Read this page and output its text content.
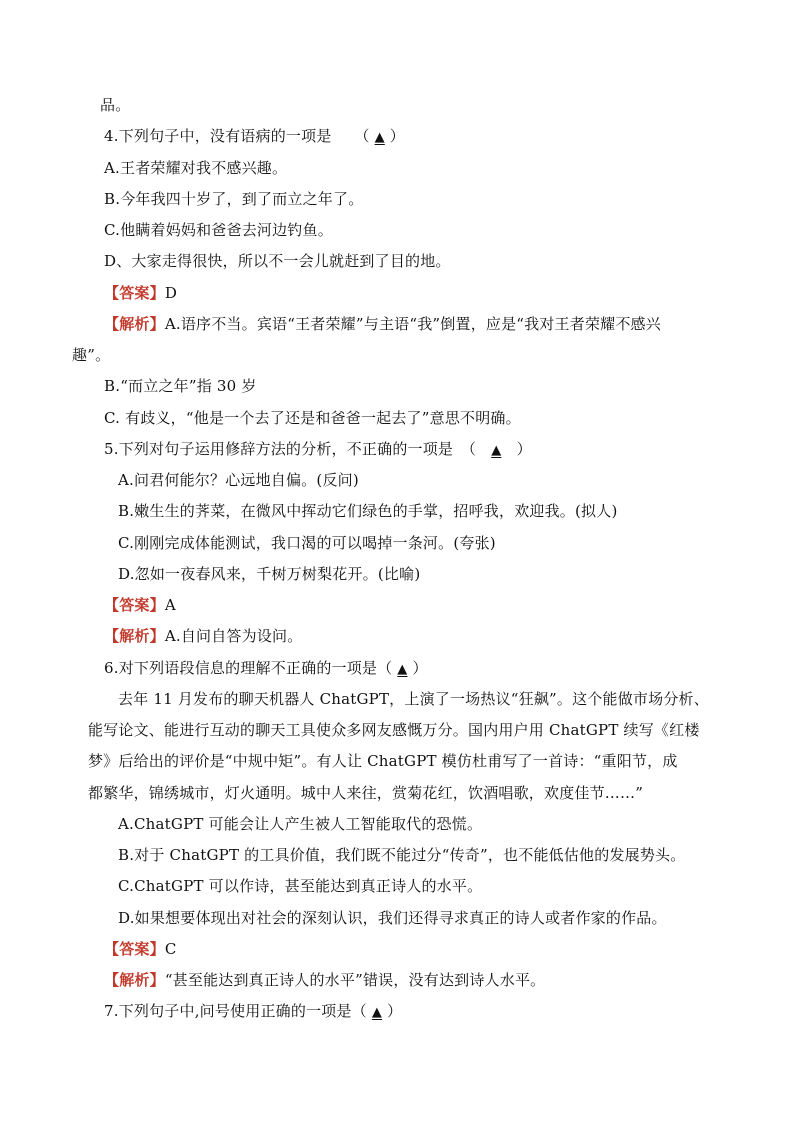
品。
4.下列句子中，没有语病的一项是　　（ ▲ ）
A.王者荣耀对我不感兴趣。
B.今年我四十岁了，到了而立之年了。
C.他瞒着妈妈和爸爸去河边钓鱼。
D、大家走得很快，所以不一会儿就赶到了目的地。
【答案】D
【解析】A.语序不当。宾语“王者荣耀”与主语“我”倒置，应是“我对王者荣耀不感兴
趣”。
B.“而立之年”指 30 岁
C. 有歧义，“他是一个去了还是和爸爸一起去了”意思不明确。
5.下列对句子运用修辞方法的分析，不正确的一项是　（　▲　）
A.问君何能尔？心远地自偏。(反问)
B.嫩生生的荠菜，在微风中挥动它们绿色的手掌，招呼我，欢迎我。(拟人)
C.刚刚完成体能测试，我口渴的可以喝掉一条河。(夸张)
D.忽如一夜春风来，千树万树梨花开。(比喻)
【答案】A
【解析】A.自问自答为设问。
6.对下列语段信息的理解不正确的一项是（ ▲ ）
去年 11 月发布的聊天机器人 ChatGPT，上演了一场热议“狂飙”。这个能做市场分析、
能写论文、能进行互动的聊天工具使众多网友感慨万分。国内用户用 ChatGPT 续写《红楼
梦》后给出的评价是“中规中矩”。有人让 ChatGPT 模仿杜甫写了一首诗：“重阳节，成
都繁华，锦绣城市，灯火通明。城中人来往，赏菊花红，饮酒唱歌，欢度佳节……”
A.ChatGPT 可能会让人产生被人工智能取代的恐慌。
B.对于 ChatGPT 的工具价值，我们既不能过分“传奇”，也不能低估他的发展势头。
C.ChatGPT 可以作诗，甚至能达到真正诗人的水平。
D.如果想要体现出对社会的深刻认识，我们还得寻求真正的诗人或者作家的作品。
【答案】C
【解析】“甚至能达到真正诗人的水平”错误，没有达到诗人水平。
7.下列句子中,问号使用正确的一项是（ ▲ ）
